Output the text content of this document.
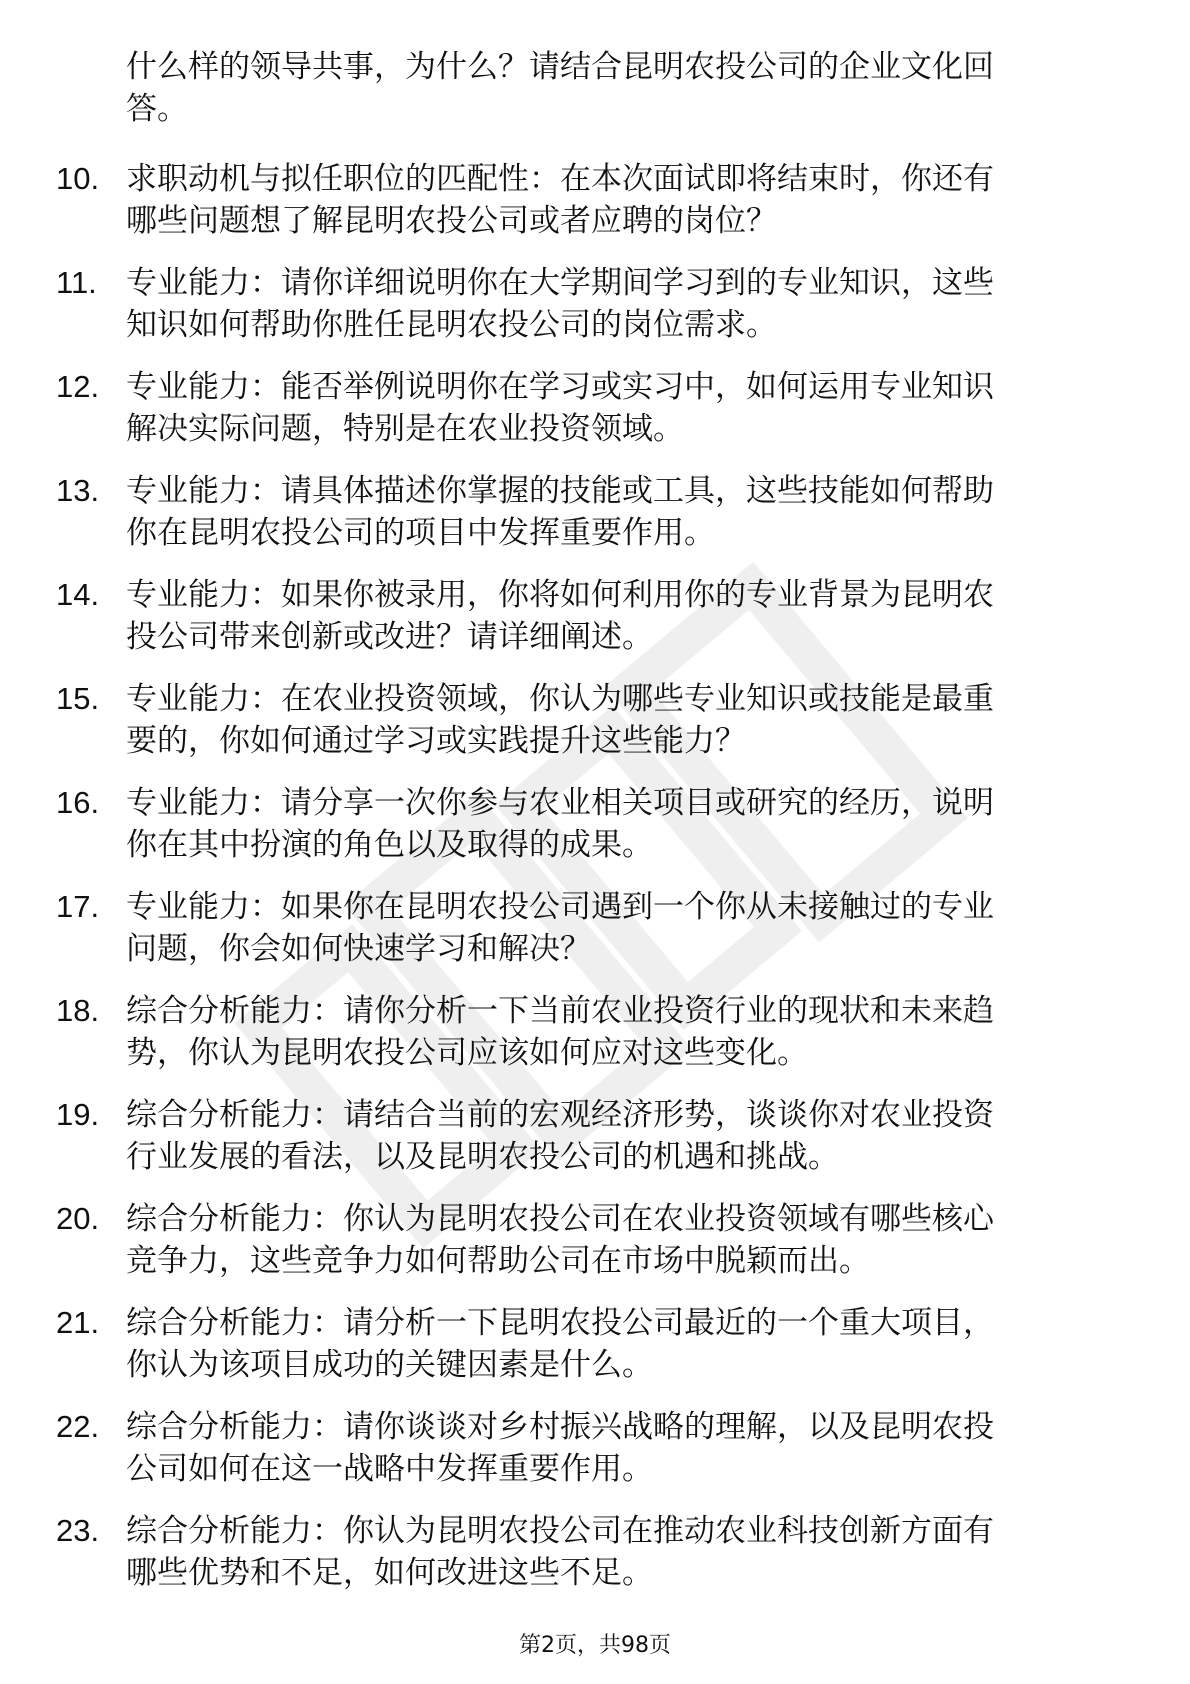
什么样的领导共事，为什么？请结合昆明农投公司的企业文化回
答。
10. 求职动机与拟任职位的匹配性：在本次面试即将结束时，你还有
哪些问题想了解昆明农投公司或者应聘的岗位？
11. 专业能力：请你详细说明你在大学期间学习到的专业知识，这些
知识如何帮助你胜任昆明农投公司的岗位需求。
12. 专业能力：能否举例说明你在学习或实习中，如何运用专业知识
解决实际问题，特别是在农业投资领域。
13. 专业能力：请具体描述你掌握的技能或工具，这些技能如何帮助
你在昆明农投公司的项目中发挥重要作用。
14. 专业能力：如果你被录用，你将如何利用你的专业背景为昆明农
投公司带来创新或改进？请详细阐述。
15. 专业能力：在农业投资领域，你认为哪些专业知识或技能是最重
要的，你如何通过学习或实践提升这些能力？
16. 专业能力：请分享一次你参与农业相关项目或研究的经历，说明
你在其中扮演的角色以及取得的成果。
17. 专业能力：如果你在昆明农投公司遇到一个你从未接触过的专业
问题，你会如何快速学习和解决？
18. 综合分析能力：请你分析一下当前农业投资行业的现状和未来趋
势，你认为昆明农投公司应该如何应对这些变化。
19. 综合分析能力：请结合当前的宏观经济形势，谈谈你对农业投资
行业发展的看法，以及昆明农投公司的机遇和挑战。
20. 综合分析能力：你认为昆明农投公司在农业投资领域有哪些核心
竞争力，这些竞争力如何帮助公司在市场中脱颖而出。
21. 综合分析能力：请分析一下昆明农投公司最近的一个重大项目，
你认为该项目成功的关键因素是什么。
22. 综合分析能力：请你谈谈对乡村振兴战略的理解，以及昆明农投
公司如何在这一战略中发挥重要作用。
23. 综合分析能力：你认为昆明农投公司在推动农业科技创新方面有
哪些优势和不足，如何改进这些不足。
第2页，共98页
